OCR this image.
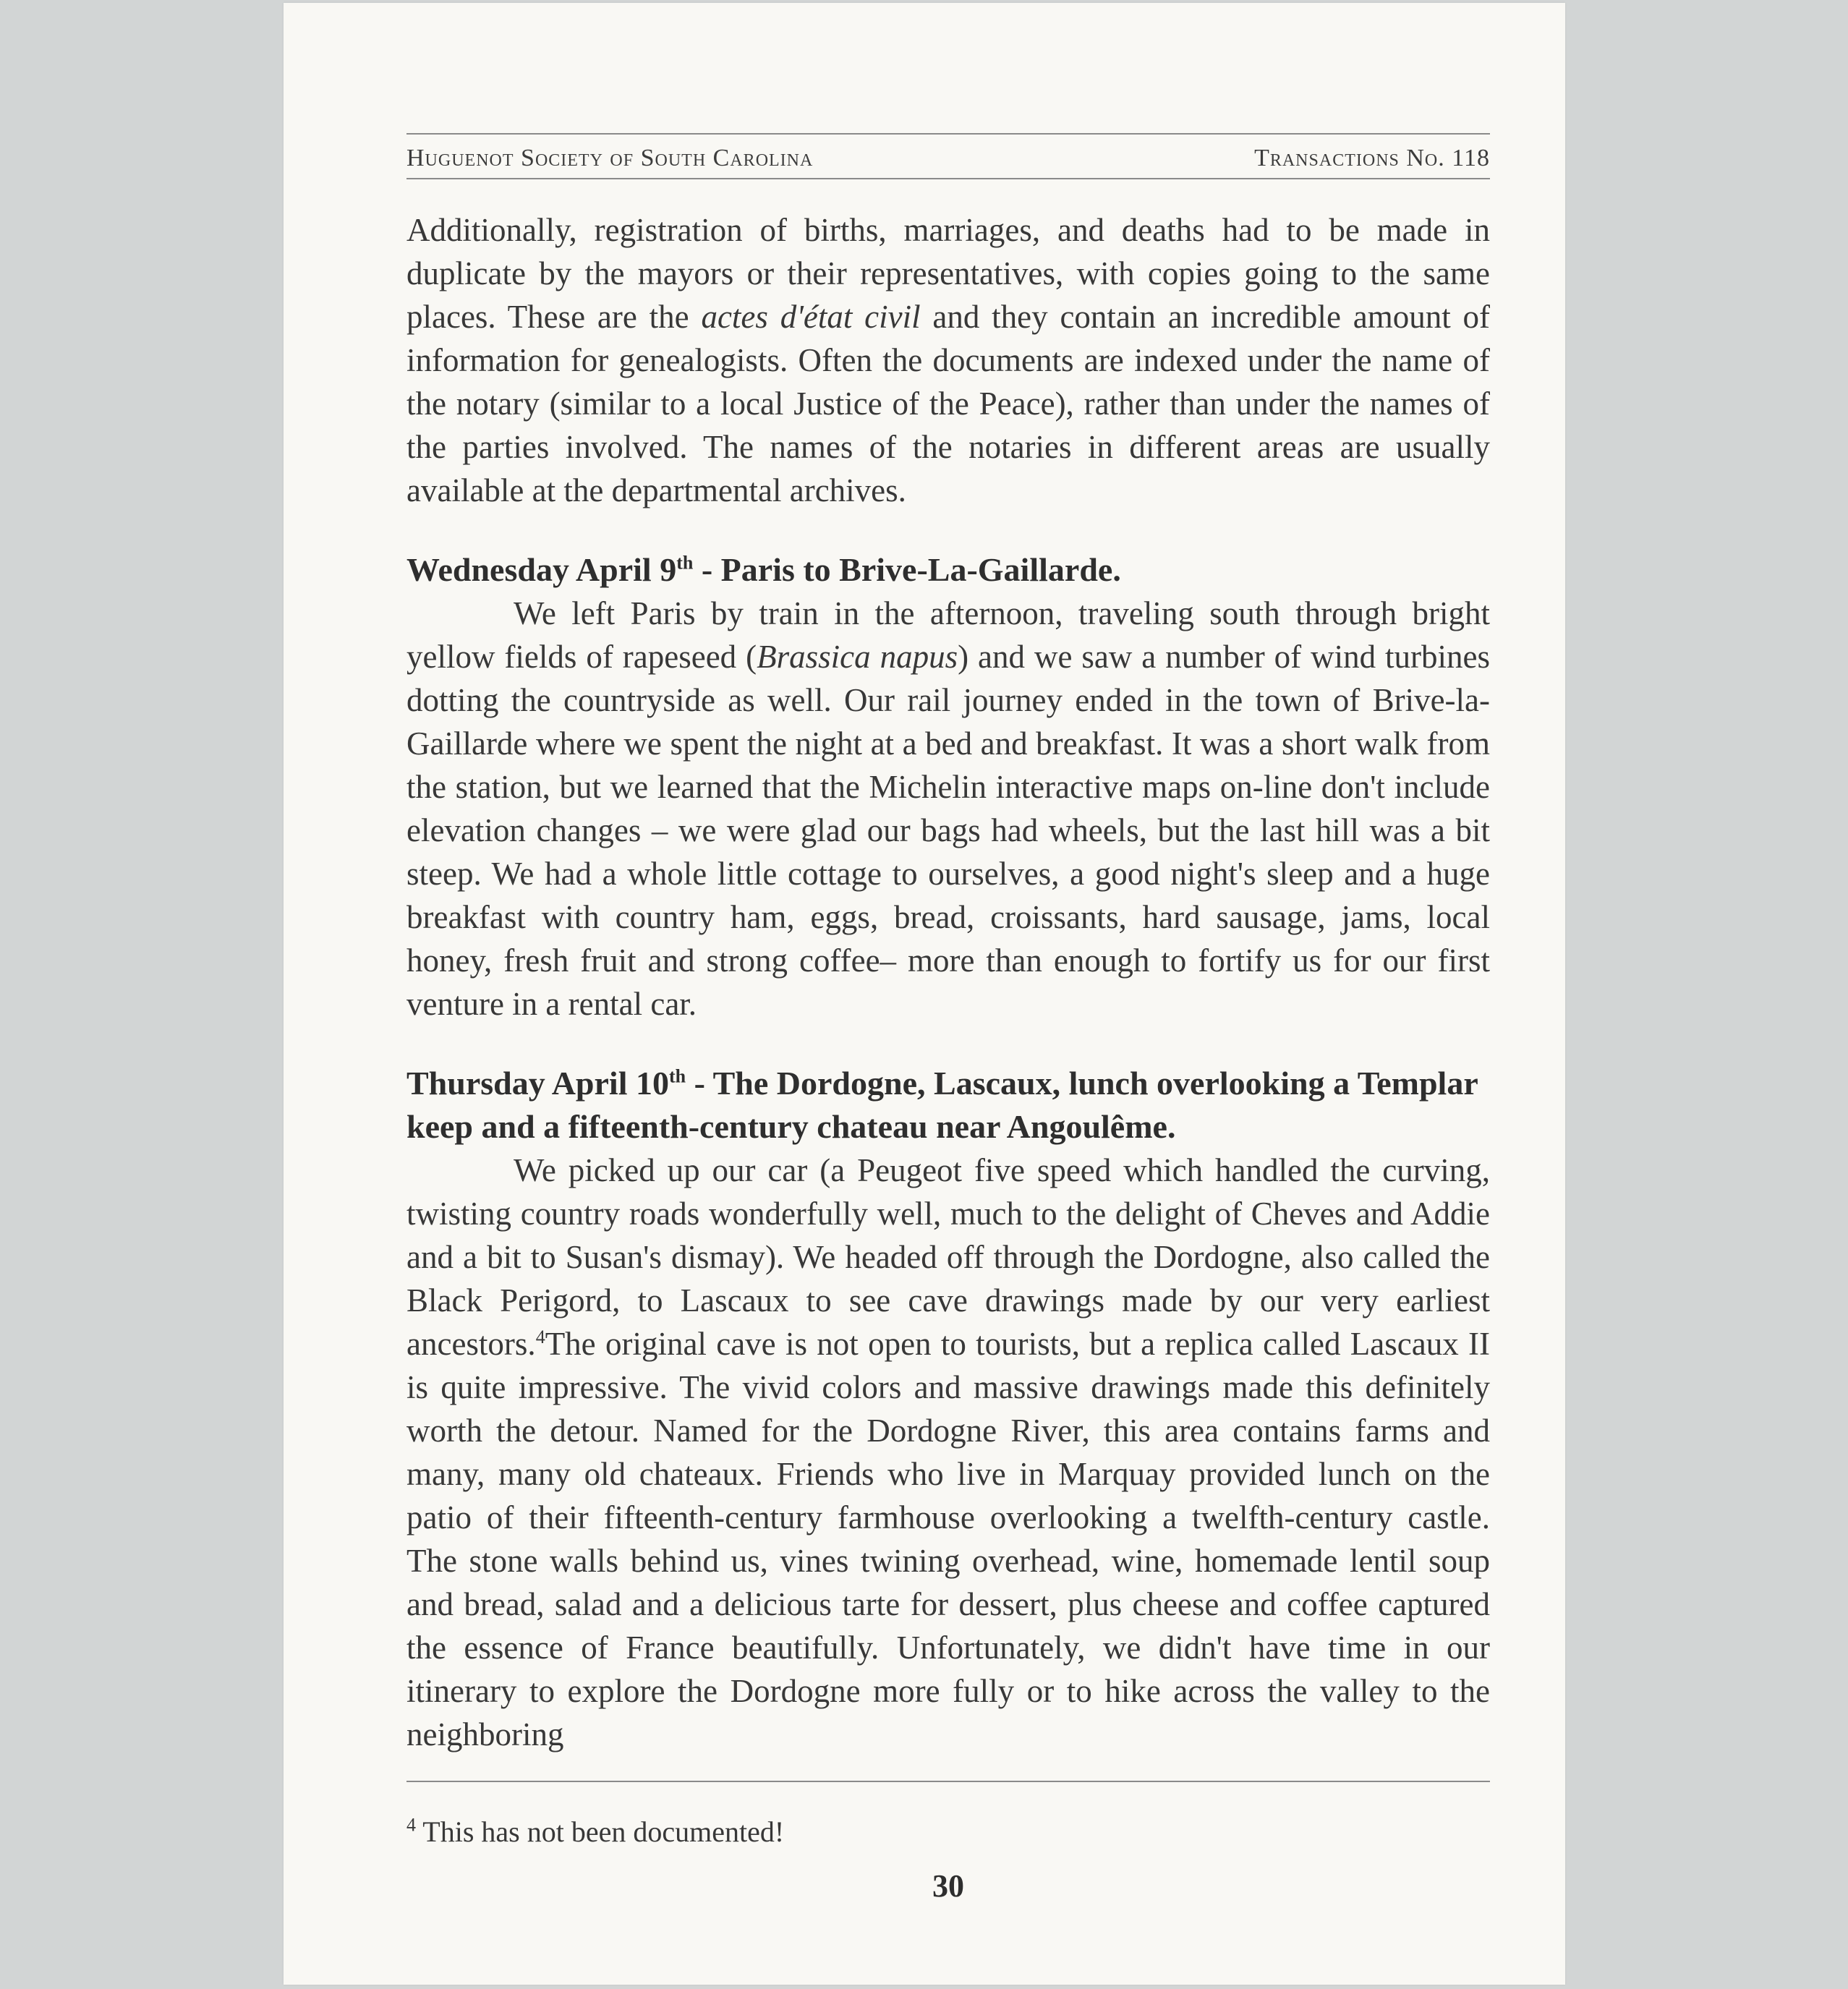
Huguenot Society of South Carolina	Transactions No. 118

Additionally, registration of births, marriages, and deaths had to be made in duplicate by the mayors or their representatives, with copies going to the same places. These are the actes d'état civil and they contain an incredible amount of information for genealogists. Often the documents are indexed under the name of the notary (similar to a local Justice of the Peace), rather than under the names of the parties involved. The names of the notaries in different areas are usually available at the departmental archives.

Wednesday April 9th - Paris to Brive-La-Gaillarde.

We left Paris by train in the afternoon, traveling south through bright yellow fields of rapeseed (Brassica napus) and we saw a number of wind turbines dotting the countryside as well. Our rail journey ended in the town of Brive-la-Gaillarde where we spent the night at a bed and breakfast. It was a short walk from the station, but we learned that the Michelin interactive maps on-line don't include elevation changes – we were glad our bags had wheels, but the last hill was a bit steep. We had a whole little cottage to ourselves, a good night's sleep and a huge breakfast with country ham, eggs, bread, croissants, hard sausage, jams, local honey, fresh fruit and strong coffee– more than enough to fortify us for our first venture in a rental car.

Thursday April 10th - The Dordogne, Lascaux, lunch overlooking a Templar keep and a fifteenth-century chateau near Angoulême.

We picked up our car (a Peugeot five speed which handled the curving, twisting country roads wonderfully well, much to the delight of Cheves and Addie and a bit to Susan's dismay). We headed off through the Dordogne, also called the Black Perigord, to Lascaux to see cave drawings made by our very earliest ancestors.$^4$The original cave is not open to tourists, but a replica called Lascaux II is quite impressive. The vivid colors and massive drawings made this definitely worth the detour. Named for the Dordogne River, this area contains farms and many, many old chateaux. Friends who live in Marquay provided lunch on the patio of their fifteenth-century farmhouse overlooking a twelfth-century castle. The stone walls behind us, vines twining overhead, wine, homemade lentil soup and bread, salad and a delicious tarte for dessert, plus cheese and coffee captured the essence of France beautifully. Unfortunately, we didn't have time in our itinerary to explore the Dordogne more fully or to hike across the valley to the neighboring

$^4$ This has not been documented!
30
